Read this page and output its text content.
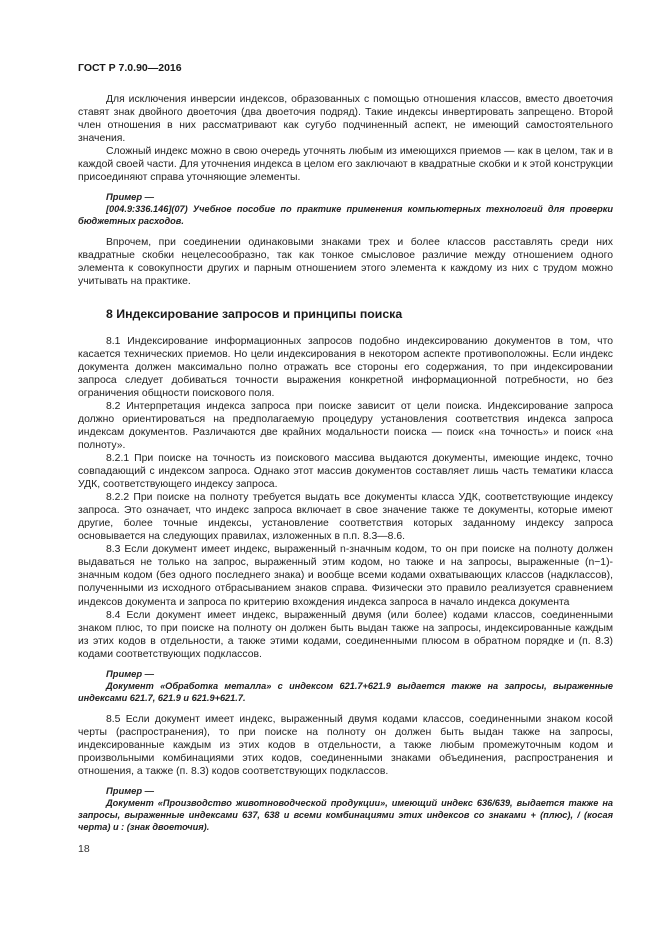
ГОСТ Р 7.0.90—2016

Для исключения инверсии индексов, образованных с помощью отношения классов, вместо двоеточия ставят знак двойного двоеточия (два двоеточия подряд). Такие индексы инвертировать запрещено. Второй член отношения в них рассматривают как сугубо подчиненный аспект, не имеющий самостоятельного значения.

Сложный индекс можно в свою очередь уточнять любым из имеющихся приемов — как в целом, так и в каждой своей части. Для уточнения индекса в целом его заключают в квадратные скобки и к этой конструкции присоединяют справа уточняющие элементы.

Пример —
[004.9:336.146](07) Учебное пособие по практике применения компьютерных технологий для проверки бюджетных расходов.

Впрочем, при соединении одинаковыми знаками трех и более классов расставлять среди них квадратные скобки нецелесообразно, так как тонкое смысловое различие между отношением одного элемента к совокупности других и парным отношением этого элемента к каждому из них с трудом можно учитывать на практике.

8 Индексирование запросов и принципы поиска

8.1 Индексирование информационных запросов подобно индексированию документов в том, что касается технических приемов. Но цели индексирования в некотором аспекте противоположны. Если индекс документа должен максимально полно отражать все стороны его содержания, то при индексировании запроса следует добиваться точности выражения конкретной информационной потребности, но без ограничения общности поискового поля.

8.2 Интерпретация индекса запроса при поиске зависит от цели поиска. Индексирование запроса должно ориентироваться на предполагаемую процедуру установления соответствия индекса запроса индексам документов. Различаются две крайних модальности поиска — поиск «на точность» и поиск «на полноту».

8.2.1 При поиске на точность из поискового массива выдаются документы, имеющие индекс, точно совпадающий с индексом запроса. Однако этот массив документов составляет лишь часть тематики класса УДК, соответствующего индексу запроса.

8.2.2 При поиске на полноту требуется выдать все документы класса УДК, соответствующие индексу запроса. Это означает, что индекс запроса включает в свое значение также те документы, которые имеют другие, более точные индексы, установление соответствия которых заданному индексу запроса основывается на следующих правилах, изложенных в п.п. 8.3—8.6.

8.3 Если документ имеет индекс, выраженный n-значным кодом, то он при поиске на полноту должен выдаваться не только на запрос, выраженный этим кодом, но также и на запросы, выраженные (n−1)-значным кодом (без одного последнего знака) и вообще всеми кодами охватывающих классов (надклассов), полученными из исходного отбрасыванием знаков справа. Физически это правило реализуется сравнением индексов документа и запроса по критерию вхождения индекса запроса в начало индекса документа

8.4 Если документ имеет индекс, выраженный двумя (или более) кодами классов, соединенными знаком плюс, то при поиске на полноту он должен быть выдан также на запросы, индексированные каждым из этих кодов в отдельности, а также этими кодами, соединенными плюсом в обратном порядке и (п. 8.3) кодами соответствующих подклассов.

Пример —
Документ «Обработка металла» с индексом 621.7+621.9 выдается также на запросы, выраженные индексами 621.7, 621.9 и 621.9+621.7.

8.5 Если документ имеет индекс, выраженный двумя кодами классов, соединенными знаком косой черты (распространения), то при поиске на полноту он должен быть выдан также на запросы, индексированные каждым из этих кодов в отдельности, а также любым промежуточным кодом и произвольными комбинациями этих кодов, соединенными знаками объединения, распространения и отношения, а также (п. 8.3) кодов соответствующих подклассов.

Пример —
Документ «Производство животноводческой продукции», имеющий индекс 636/639, выдается также на запросы, выраженные индексами 637, 638 и всеми комбинациями этих индексов со знаками + (плюс), / (косая черта) и : (знак двоеточия).
18
